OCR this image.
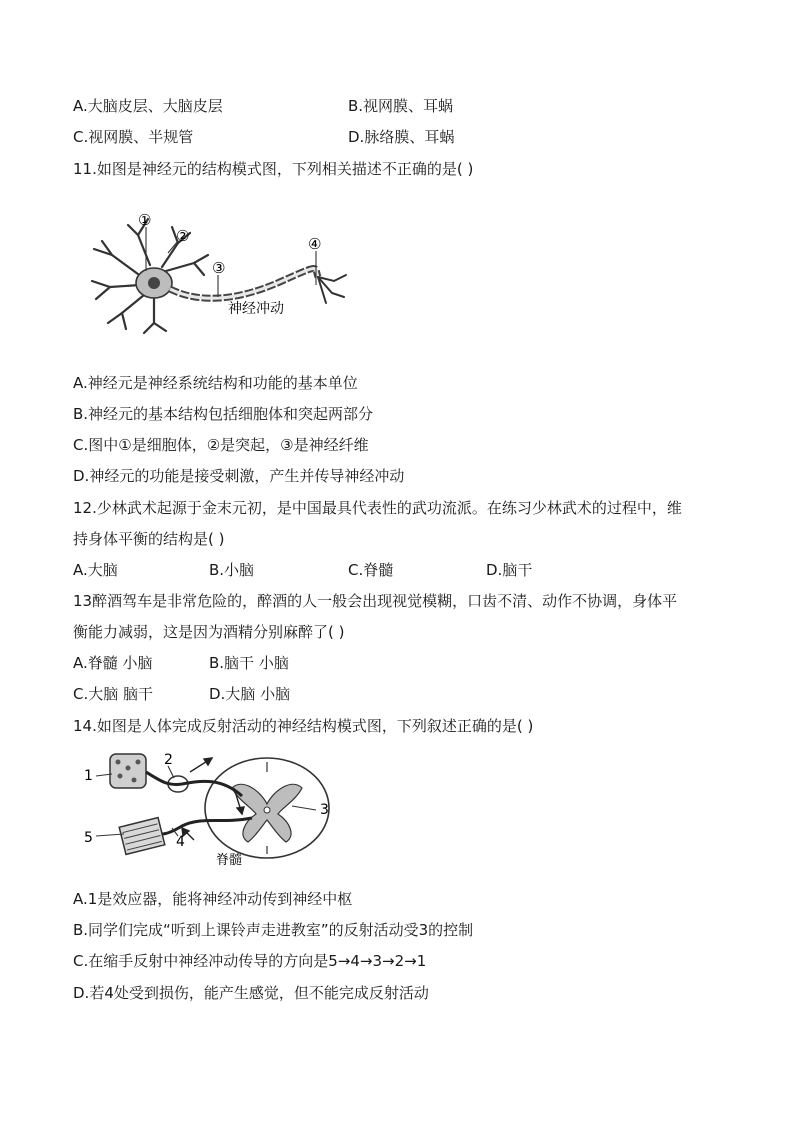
A.大脑皮层、大脑皮层	B.视网膜、耳蜗
C.视网膜、半规管	D.脉络膜、耳蜗
11.如图是神经元的结构模式图，下列相关描述不正确的是( )
①
②
③
④
神经冲动
A.神经元是神经系统结构和功能的基本单位
B.神经元的基本结构包括细胞体和突起两部分
C.图中①是细胞体，②是突起，③是神经纤维
D.神经元的功能是接受刺激，产生并传导神经冲动
12.少林武术起源于金末元初，是中国最具代表性的武功流派。在练习少林武术的过程中，维
持身体平衡的结构是( )
A.大脑	B.小脑	C.脊髓	D.脑干
13醉酒驾车是非常危险的，醉酒的人一般会出现视觉模糊，口齿不清、动作不协调，身体平
衡能力减弱，这是因为酒精分别麻醉了( )
A.脊髓 小脑	B.脑干 小脑
C.大脑 脑干	D.大脑 小脑
14.如图是人体完成反射活动的神经结构模式图，下列叙述正确的是( )
1
2
3
4
5
脊髓
A.1是效应器，能将神经冲动传到神经中枢
B.同学们完成“听到上课铃声走进教室”的反射活动受3的控制
C.在缩手反射中神经冲动传导的方向是5→4→3→2→1
D.若4处受到损伤，能产生感觉，但不能完成反射活动
